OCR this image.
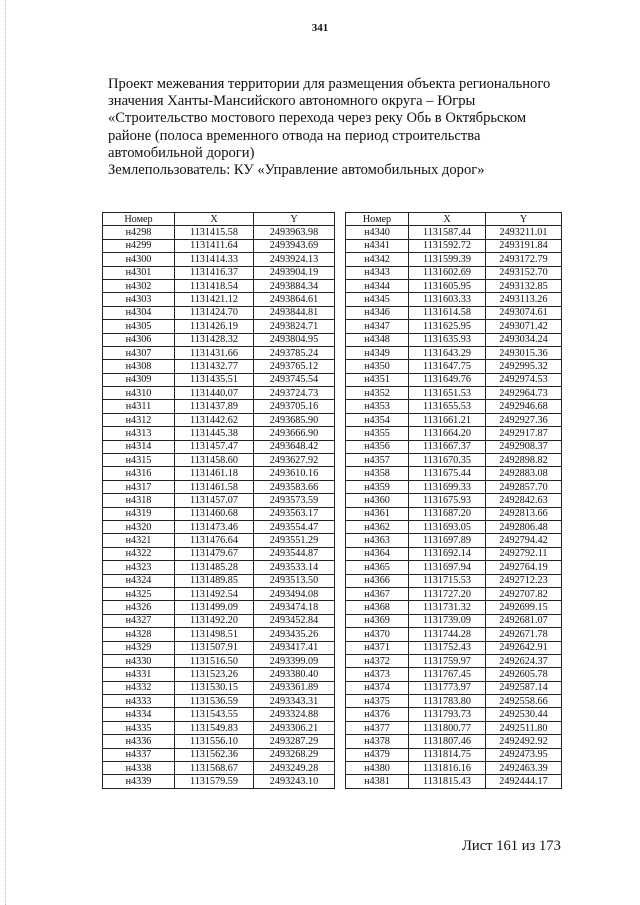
341
Проект межевания территории для размещения объекта регионального
значения Ханты-Мансийского автономного округа – Югры
«Строительство мостового перехода через реку Обь в Октябрьском
районе (полоса временного отвода на период строительства
автомобильной дороги)
Землепользователь: КУ «Управление автомобильных дорог»
Номер	X	Y
н4298	1131415.58	2493963.98
н4299	1131411.64	2493943.69
н4300	1131414.33	2493924.13
н4301	1131416.37	2493904.19
н4302	1131418.54	2493884.34
н4303	1131421.12	2493864.61
н4304	1131424.70	2493844.81
н4305	1131426.19	2493824.71
н4306	1131428.32	2493804.95
н4307	1131431.66	2493785.24
н4308	1131432.77	2493765.12
н4309	1131435.51	2493745.54
н4310	1131440.07	2493724.73
н4311	1131437.89	2493705.16
н4312	1131442.62	2493685.90
н4313	1131445.38	2493666.90
н4314	1131457.47	2493648.42
н4315	1131458.60	2493627.92
н4316	1131461.18	2493610.16
н4317	1131461.58	2493583.66
н4318	1131457.07	2493573.59
н4319	1131460.68	2493563.17
н4320	1131473.46	2493554.47
н4321	1131476.64	2493551.29
н4322	1131479.67	2493544.87
н4323	1131485.28	2493533.14
н4324	1131489.85	2493513.50
н4325	1131492.54	2493494.08
н4326	1131499.09	2493474.18
н4327	1131492.20	2493452.84
н4328	1131498.51	2493435.26
н4329	1131507.91	2493417.41
н4330	1131516.50	2493399.09
н4331	1131523.26	2493380.40
н4332	1131530.15	2493361.89
н4333	1131536.59	2493343.31
н4334	1131543.55	2493324.88
н4335	1131549.83	2493306.21
н4336	1131556.10	2493287.29
н4337	1131562.36	2493268.29
н4338	1131568.67	2493249.28
н4339	1131579.59	2493243.10
Номер	X	Y
н4340	1131587.44	2493211.01
н4341	1131592.72	2493191.84
н4342	1131599.39	2493172.79
н4343	1131602.69	2493152.70
н4344	1131605.95	2493132.85
н4345	1131603.33	2493113.26
н4346	1131614.58	2493074.61
н4347	1131625.95	2493071.42
н4348	1131635.93	2493034.24
н4349	1131643.29	2493015.36
н4350	1131647.75	2492995.32
н4351	1131649.76	2492974.53
н4352	1131651.53	2492964.73
н4353	1131655.53	2492946.68
н4354	1131661.21	2492927.36
н4355	1131664.20	2492917.87
н4356	1131667.37	2492908.37
н4357	1131670.35	2492898.82
н4358	1131675.44	2492883.08
н4359	1131699.33	2492857.70
н4360	1131675.93	2492842.63
н4361	1131687.20	2492813.66
н4362	1131693.05	2492806.48
н4363	1131697.89	2492794.42
н4364	1131692.14	2492792.11
н4365	1131697.94	2492764.19
н4366	1131715.53	2492712.23
н4367	1131727.20	2492707.82
н4368	1131731.32	2492699.15
н4369	1131739.09	2492681.07
н4370	1131744.28	2492671.78
н4371	1131752.43	2492642.91
н4372	1131759.97	2492624.37
н4373	1131767.45	2492605.78
н4374	1131773.97	2492587.14
н4375	1131783.80	2492558.66
н4376	1131793.73	2492530.44
н4377	1131800.77	2492511.80
н4378	1131807.46	2492492.92
н4379	1131814.75	2492473.95
н4380	1131816.16	2492463.39
н4381	1131815.43	2492444.17
Лист 161 из 173
